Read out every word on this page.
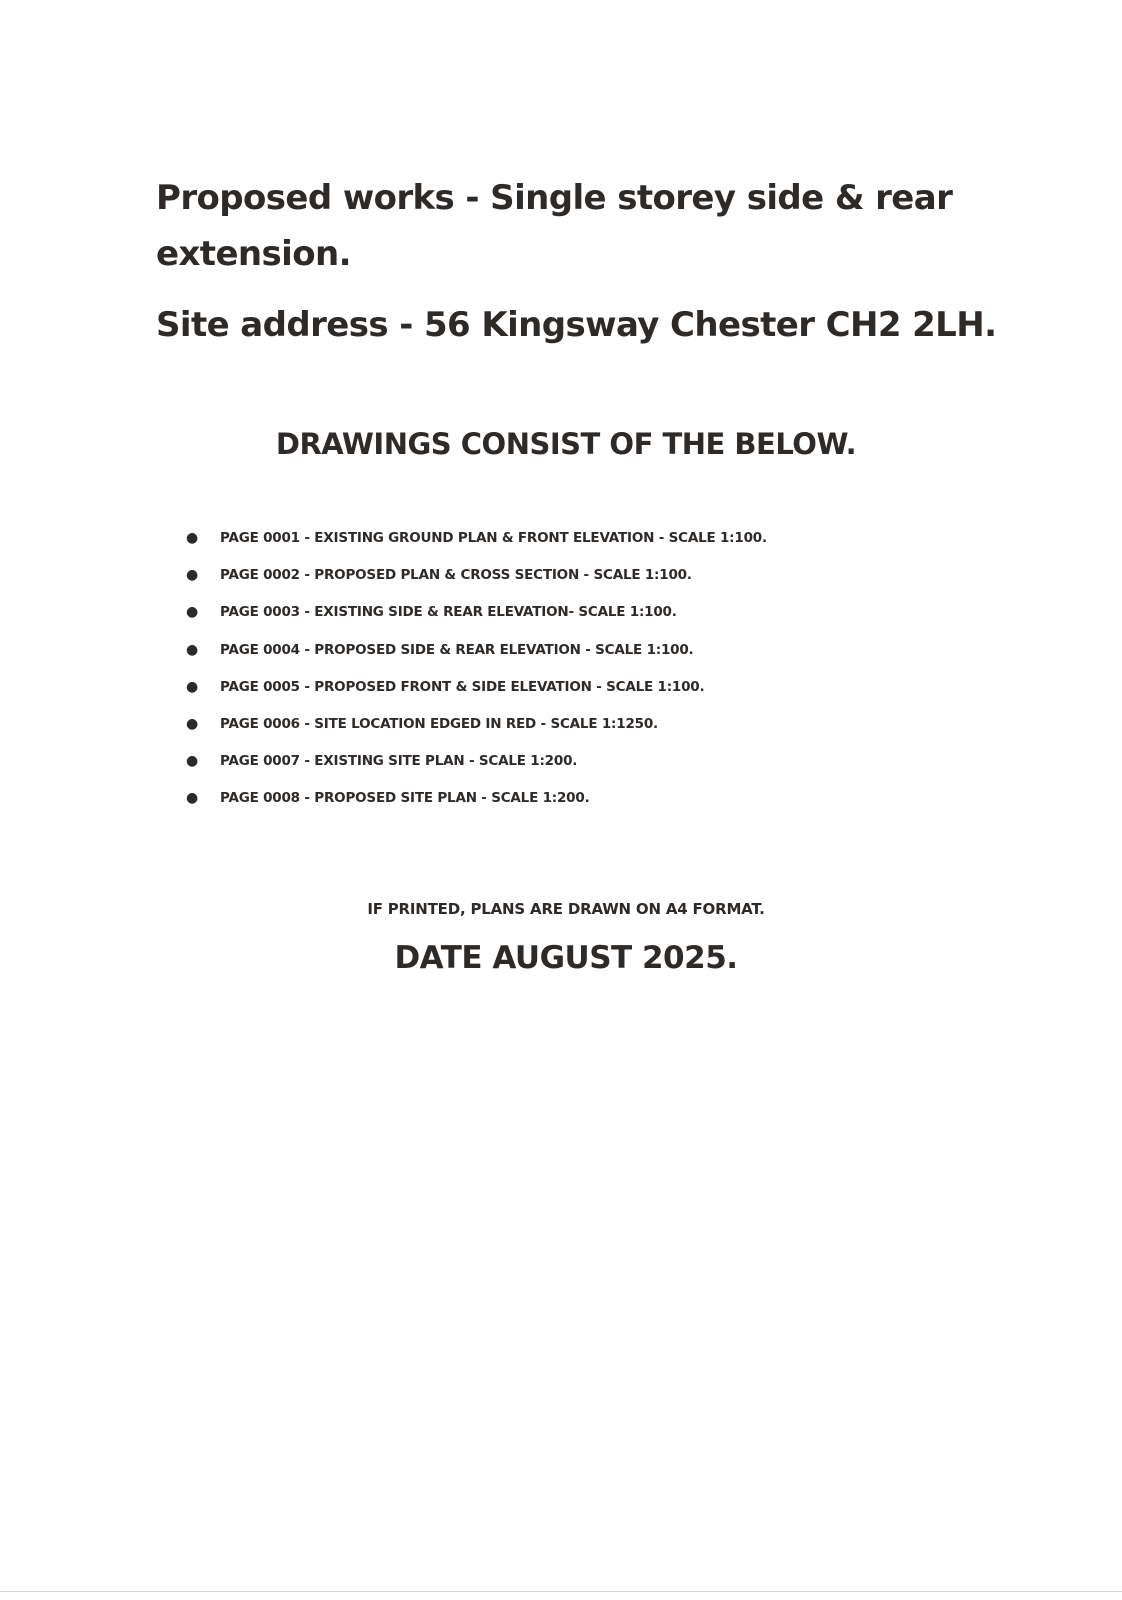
Proposed works - Single storey side & rear
extension.
Site address - 56 Kingsway Chester CH2 2LH.
DRAWINGS CONSIST OF THE BELOW.
●	PAGE 0001 - EXISTING GROUND PLAN & FRONT ELEVATION - SCALE 1:100.
●	PAGE 0002 - PROPOSED PLAN & CROSS SECTION - SCALE 1:100.
●	PAGE 0003 - EXISTING SIDE & REAR ELEVATION- SCALE 1:100.
●	PAGE 0004 - PROPOSED SIDE & REAR ELEVATION - SCALE 1:100.
●	PAGE 0005 - PROPOSED FRONT & SIDE ELEVATION - SCALE 1:100.
●	PAGE 0006 - SITE LOCATION EDGED IN RED - SCALE 1:1250.
●	PAGE 0007 - EXISTING SITE PLAN - SCALE 1:200.
●	PAGE 0008 - PROPOSED SITE PLAN - SCALE 1:200.

IF PRINTED, PLANS ARE DRAWN ON A4 FORMAT.

DATE AUGUST 2025.
